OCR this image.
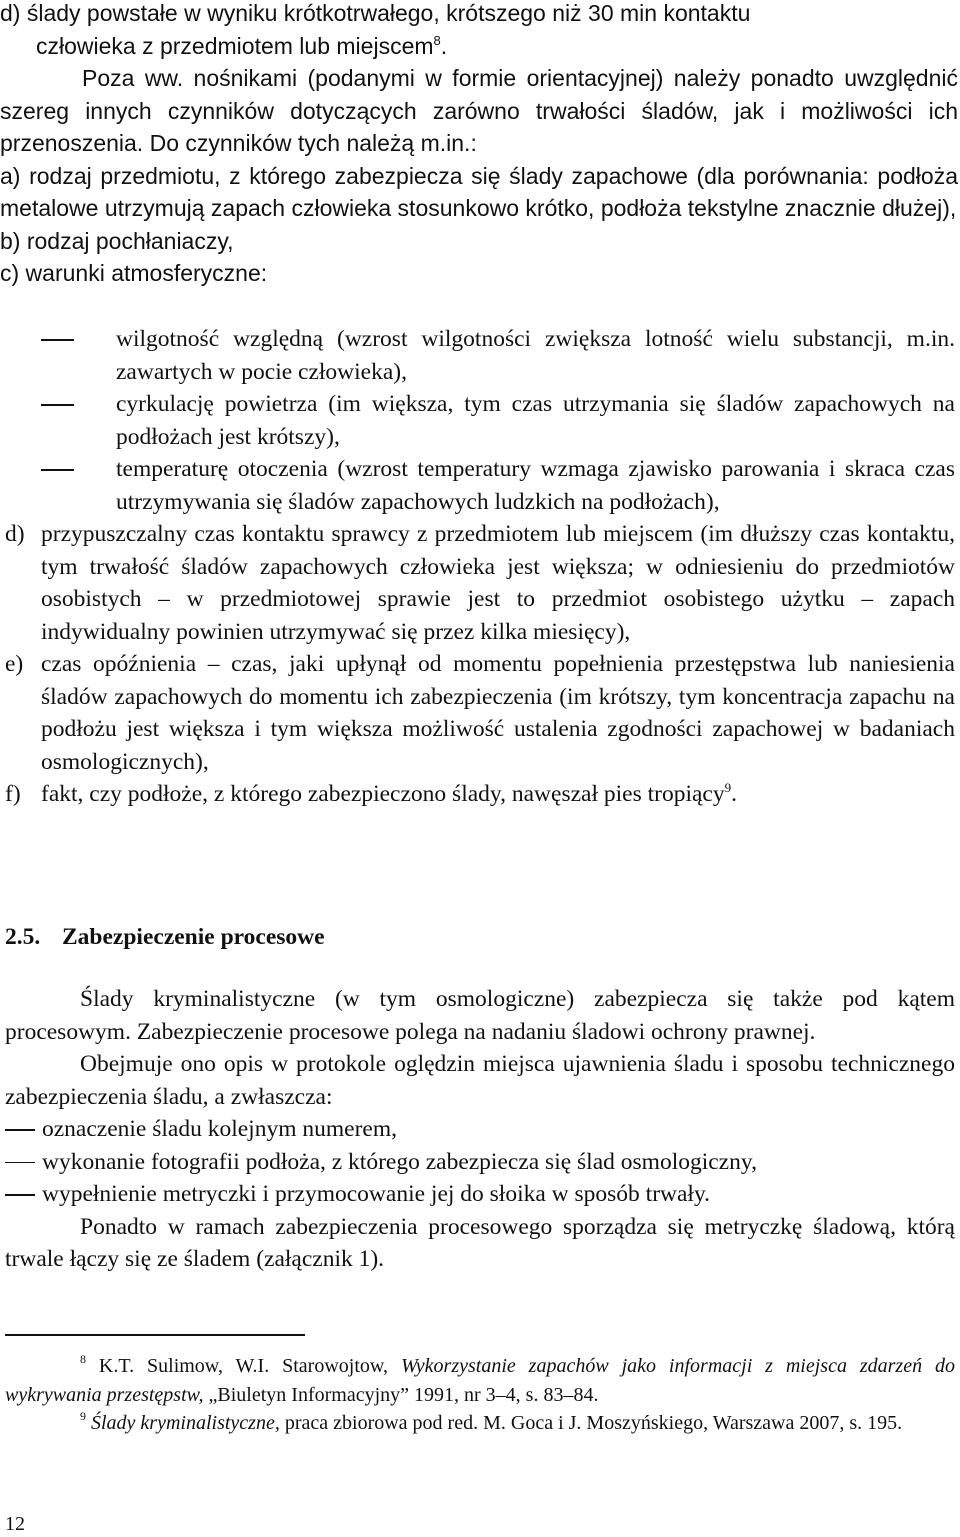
d) ślady powstałe w wyniku krótkotrwałego, krótszego niż 30 min kontaktu
człowieka z przedmiotem lub miejscem$^8$.
Poza ww. nośnikami (podanymi w formie orientacyjnej) należy ponadto uwzględnić szereg innych czynników dotyczących zarówno trwałości śladów, jak i możliwości ich przenoszenia. Do czynników tych należą m.in.:
a) rodzaj przedmiotu, z którego zabezpiecza się ślady zapachowe (dla porównania: podłoża metalowe utrzymują zapach człowieka stosunkowo krótko, podłoża tekstylne znacznie dłużej),
b) rodzaj pochłaniaczy,
c) warunki atmosferyczne:
wilgotność względną (wzrost wilgotności zwiększa lotność wielu substancji, m.in. zawartych w pocie człowieka),
cyrkulację powietrza (im większa, tym czas utrzymania się śladów zapachowych na podłożach jest krótszy),
temperaturę otoczenia (wzrost temperatury wzmaga zjawisko parowania i skraca czas utrzymywania się śladów zapachowych ludzkich na podłożach),
d) przypuszczalny czas kontaktu sprawcy z przedmiotem lub miejscem (im dłuższy czas kontaktu, tym trwałość śladów zapachowych człowieka jest większa; w odniesieniu do przedmiotów osobistych – w przedmiotowej sprawie jest to przedmiot osobistego użytku – zapach indywidualny powinien utrzymywać się przez kilka miesięcy),
e) czas opóźnienia – czas, jaki upłynął od momentu popełnienia przestępstwa lub naniesienia śladów zapachowych do momentu ich zabezpieczenia (im krótszy, tym koncentracja zapachu na podłożu jest większa i tym większa możliwość ustalenia zgodności zapachowej w badaniach osmologicznych),
f) fakt, czy podłoże, z którego zabezpieczono ślady, nawęszał pies tropiący$^9$.
2.5. Zabezpieczenie procesowe
Ślady kryminalistyczne (w tym osmologiczne) zabezpiecza się także pod kątem procesowym. Zabezpieczenie procesowe polega na nadaniu śladowi ochrony prawnej.
Obejmuje ono opis w protokole oględzin miejsca ujawnienia śladu i sposobu technicznego zabezpieczenia śladu, a zwłaszcza:
oznaczenie śladu kolejnym numerem,
wykonanie fotografii podłoża, z którego zabezpiecza się ślad osmologiczny,
wypełnienie metryczki i przymocowanie jej do słoika w sposób trwały.
Ponadto w ramach zabezpieczenia procesowego sporządza się metryczkę śladową, którą trwale łączy się ze śladem (załącznik 1).
$^8$ K.T. Sulimow, W.I. Starowojtow, Wykorzystanie zapachów jako informacji z miejsca zdarzeń do wykrywania przestępstw, „Biuletyn Informacyjny” 1991, nr 3–4, s. 83–84.
$^9$ Ślady kryminalistyczne, praca zbiorowa pod red. M. Goca i J. Moszyńskiego, Warszawa 2007, s. 195.
12
